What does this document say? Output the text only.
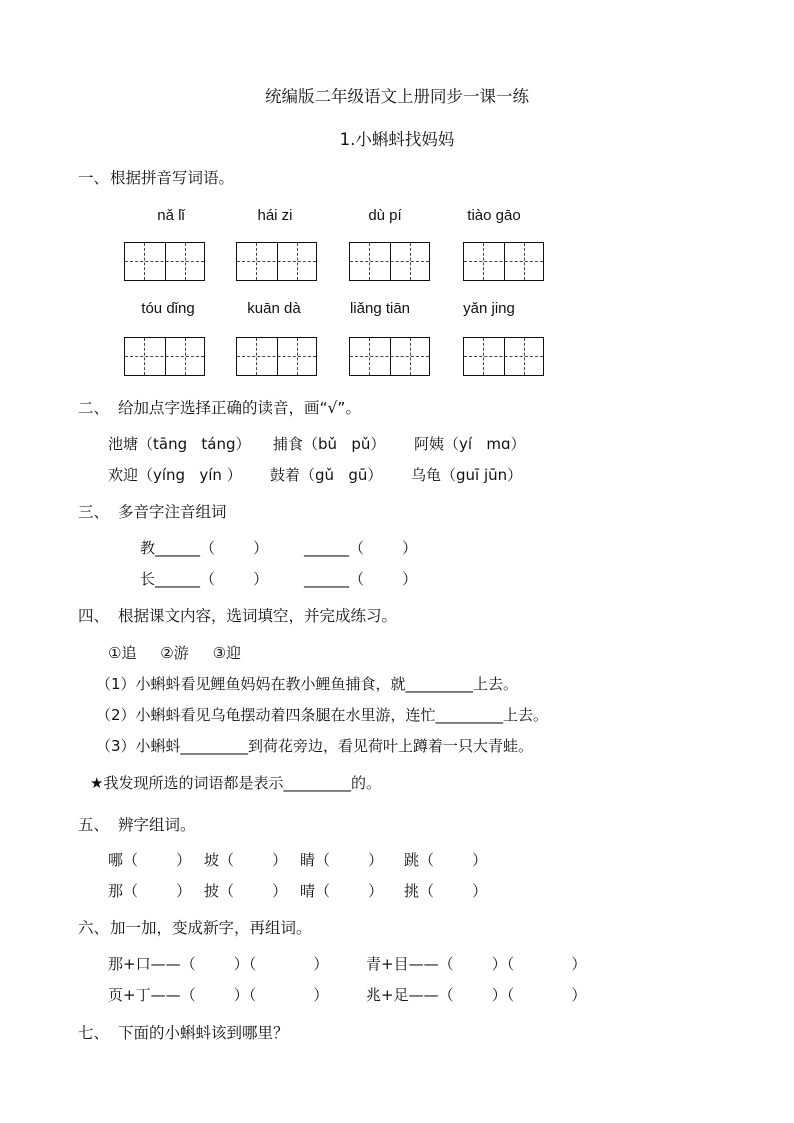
统编版二年级语文上册同步一课一练
1.小蝌蚪找妈妈
一、 根据拼音写词语。
nǎ lǐ	hái zi	dù pí	tiào gāo
tóu dǐng	kuān dà	liǎng tiān	yǎn jing
二、 给加点字选择正确的读音，画“√”。
池塘（tāng   táng） 捕食（bǔ   pǔ） 阿姨（yí   mɑ）
欢迎（yíng   yín ） 鼓着（gǔ   gū） 乌龟（guī jūn）
三、 多音字注音组词
教______（        ） ______（        ）
长______（        ） ______（        ）
四、 根据课文内容，选词填空，并完成练习。
①追     ②游     ③迎
（1）小蝌蚪看见鲤鱼妈妈在教小鲤鱼捕食，就_________上去。
（2）小蝌蚪看见乌龟摆动着四条腿在水里游，连忙_________上去。
（3）小蝌蚪_________到荷花旁边，看见荷叶上蹲着一只大青蛙。
★我发现所选的词语都是表示_________的。
五、 辨字组词。
哪（        ） 坡（        ） 睛（        ） 跳（        ）
那（        ） 披（        ） 晴（        ） 挑（        ）
六、 加一加，变成新字，再组词。
那+口——（        ）（            ）	青+目——（        ）（            ）
页+丁——（        ）（            ）	兆+足——（        ）（            ）
七、 下面的小蝌蚪该到哪里？
